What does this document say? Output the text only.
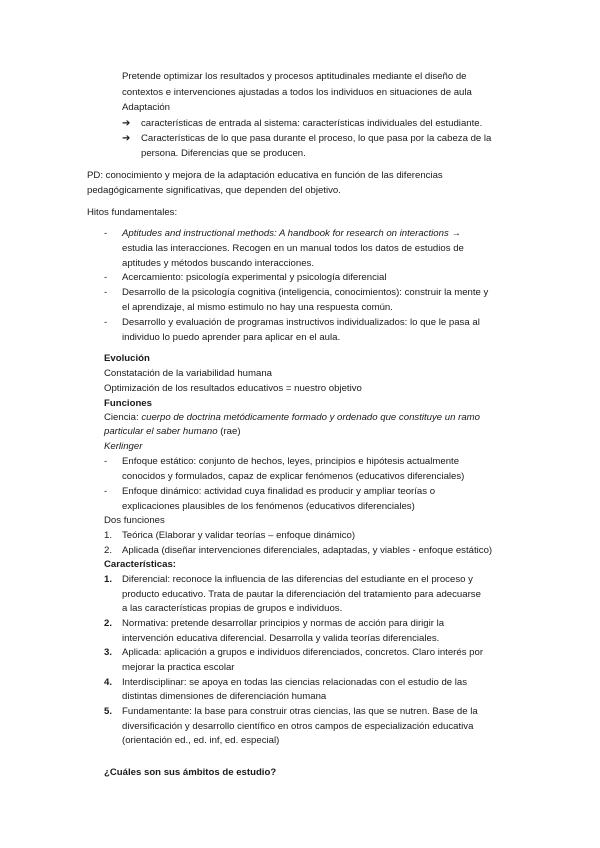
Pretende optimizar los resultados y procesos aptitudinales mediante el diseño de
contextos e intervenciones ajustadas a todos los individuos en situaciones de aula
Adaptación
➔ características de entrada al sistema: características individuales del estudiante.
➔ Características de lo que pasa durante el proceso, lo que pasa por la cabeza de la
persona. Diferencias que se producen.
PD: conocimiento y mejora de la adaptación educativa en función de las diferencias
pedagógicamente significativas, que dependen del objetivo.
Hitos fundamentales:
- Aptitudes and instructional methods: A handbook for research on interactions →
estudia las interacciones. Recogen en un manual todos los datos de estudios de
aptitudes y métodos buscando interacciones.
- Acercamiento: psicología experimental y psicología diferencial
- Desarrollo de la psicología cognitiva (inteligencia, conocimientos): construir la mente y
el aprendizaje, al mismo estimulo no hay una respuesta común.
- Desarrollo y evaluación de programas instructivos individualizados: lo que le pasa al
individuo lo puedo aprender para aplicar en el aula.
Evolución
Constatación de la variabilidad humana
Optimización de los resultados educativos = nuestro objetivo
Funciones
Ciencia: cuerpo de doctrina metódicamente formado y ordenado que constituye un ramo
particular el saber humano (rae)
Kerlinger
- Enfoque estático: conjunto de hechos, leyes, principios e hipótesis actualmente
conocidos y formulados, capaz de explicar fenómenos (educativos diferenciales)
- Enfoque dinámico: actividad cuya finalidad es producir y ampliar teorías o
explicaciones plausibles de los fenómenos (educativos diferenciales)
Dos funciones
1. Teórica (Elaborar y validar teorías – enfoque dinámico)
2. Aplicada (diseñar intervenciones diferenciales, adaptadas, y viables - enfoque estático)
Características:
1. Diferencial: reconoce la influencia de las diferencias del estudiante en el proceso y
producto educativo. Trata de pautar la diferenciación del tratamiento para adecuarse
a las características propias de grupos e individuos.
2. Normativa: pretende desarrollar principios y normas de acción para dirigir la
intervención educativa diferencial. Desarrolla y valida teorías diferenciales.
3. Aplicada: aplicación a grupos e individuos diferenciados, concretos. Claro interés por
mejorar la practica escolar
4. Interdisciplinar: se apoya en todas las ciencias relacionadas con el estudio de las
distintas dimensiones de diferenciación humana
5. Fundamentante: la base para construir otras ciencias, las que se nutren. Base de la
diversificación y desarrollo científico en otros campos de especialización educativa
(orientación ed., ed. inf, ed. especial)
¿Cuáles son sus ámbitos de estudio?
